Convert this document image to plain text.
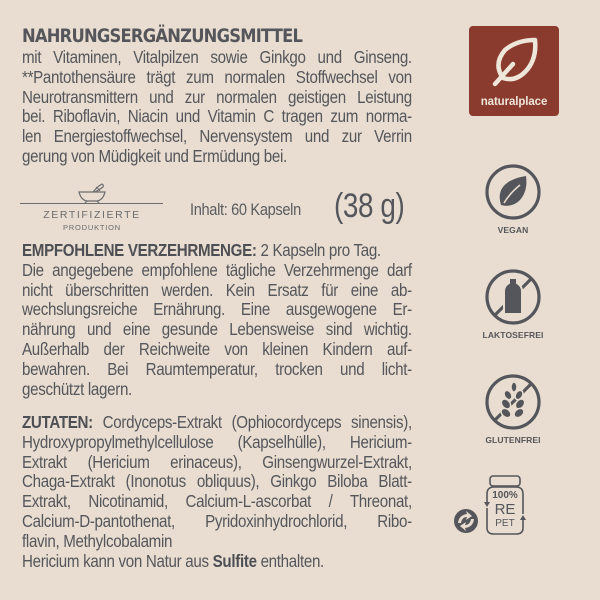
NAHRUNGSERGÄNZUNGSMITTEL
mit Vitaminen, Vitalpilzen sowie Ginkgo und Ginseng.
**Pantothensäure trägt zum normalen Stoffwechsel von
Neurotransmittern und zur normalen geistigen Leistung
bei. Riboflavin, Niacin und Vitamin C tragen zum norma-
len Energiestoffwechsel, Nervensystem und zur Verrin
gerung von Müdigkeit und Ermüdung bei.
ZERTIFIZIERTE
PRODUKTION
Inhalt: 60 Kapseln (38 g)
EMPFOHLENE VERZEHRMENGE: 2 Kapseln pro Tag.
Die angegebene empfohlene tägliche Verzehrmenge darf
nicht überschritten werden. Kein Ersatz für eine ab-
wechslungsreiche Ernährung. Eine ausgewogene Er-
nährung und eine gesunde Lebensweise sind wichtig.
Außerhalb der Reichweite von kleinen Kindern auf-
bewahren. Bei Raumtemperatur, trocken und licht-
geschützt lagern.
ZUTATEN: Cordyceps-Extrakt (Ophiocordyceps sinensis),
Hydroxypropylmethylcellulose (Kapselhülle), Hericium-
Extrakt (Hericium erinaceus), Ginsengwurzel-Extrakt,
Chaga-Extrakt (Inonotus obliquus), Ginkgo Biloba Blatt-
Extrakt, Nicotinamid, Calcium-L-ascorbat / Threonat,
Calcium-D-pantothenat, Pyridoxinhydrochlorid, Ribo-
flavin, Methylcobalamin
Hericium kann von Natur aus Sulfite enthalten.
naturalplace
VEGAN
LAKTOSEFREI
GLUTENFREI
100%
RE
PET
